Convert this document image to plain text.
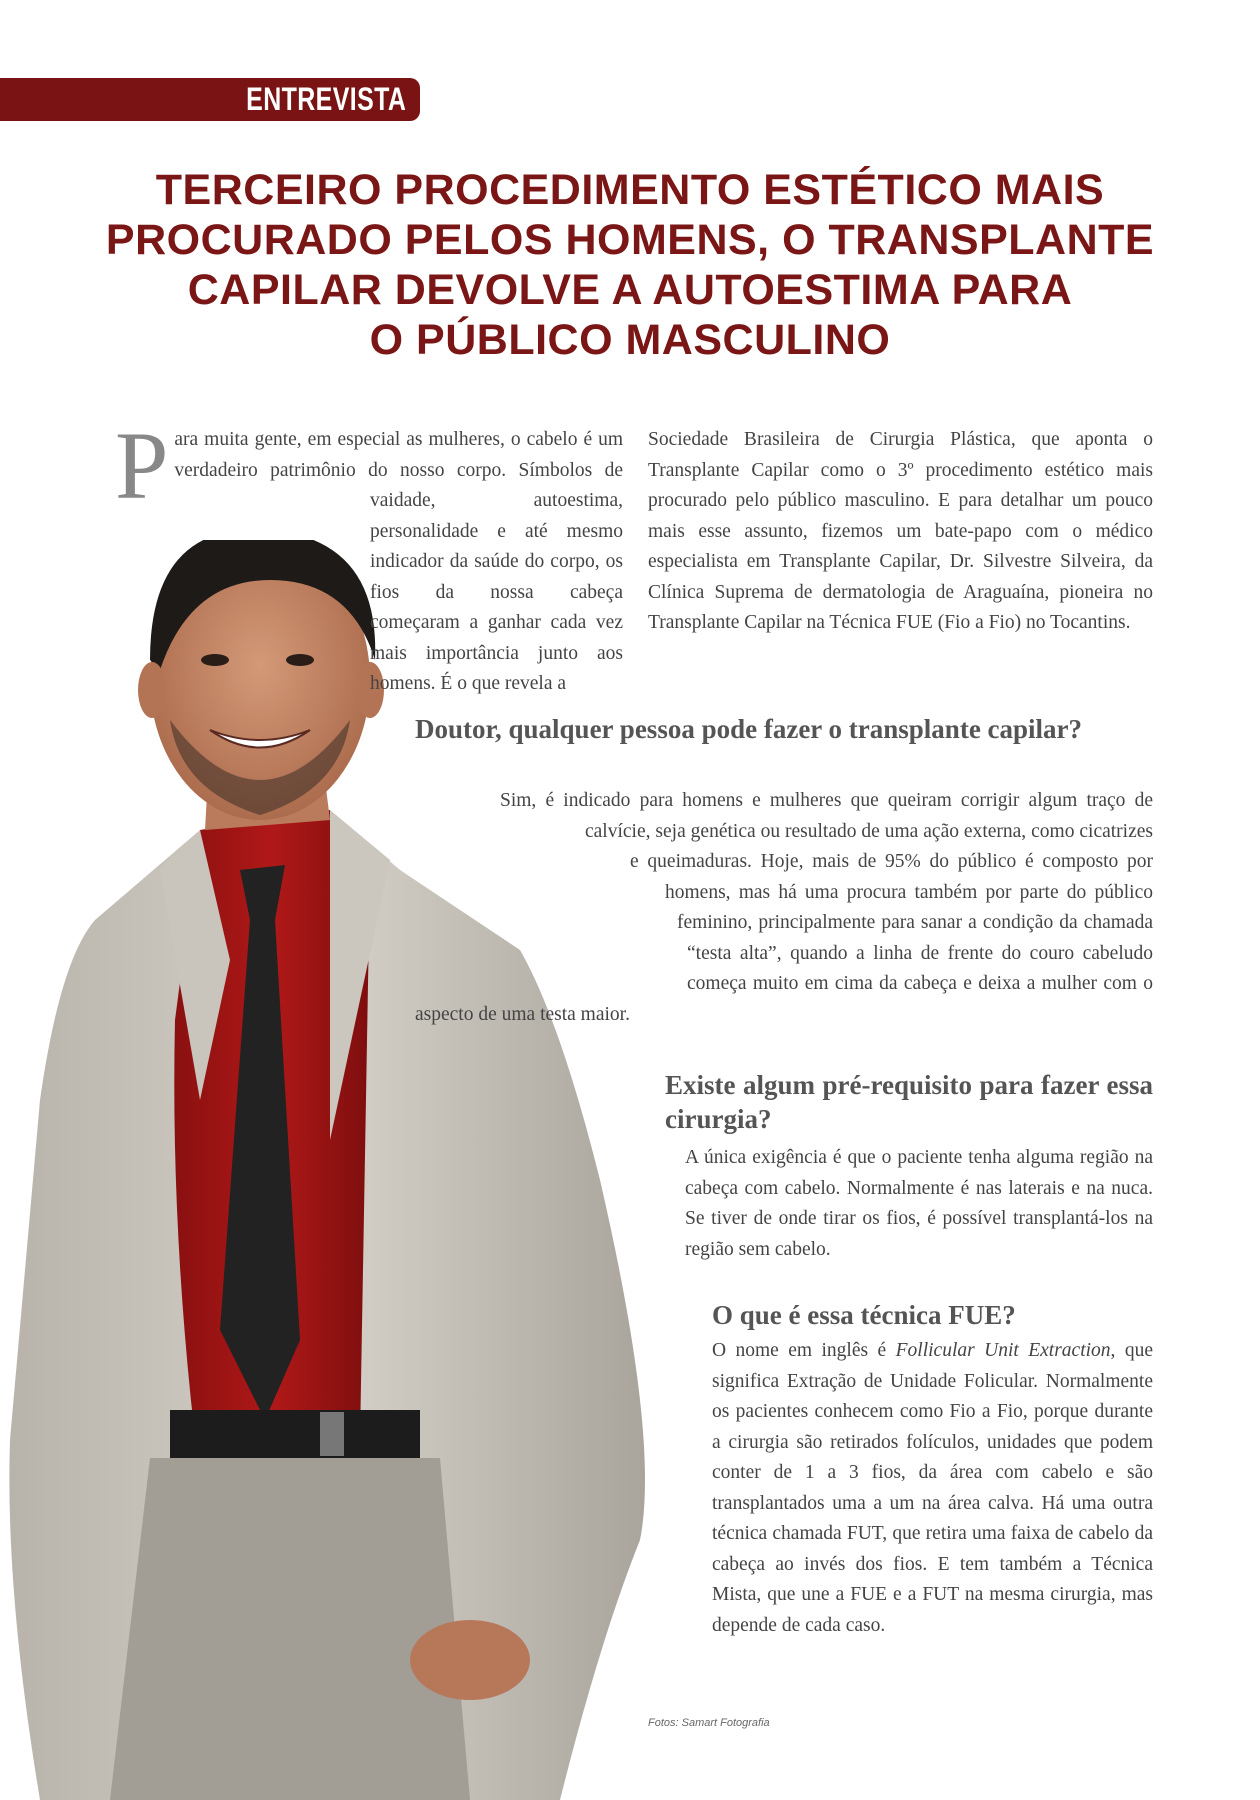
ENTREVISTA
TERCEIRO PROCEDIMENTO ESTÉTICO MAIS
PROCURADO PELOS HOMENS, O TRANSPLANTE
CAPILAR DEVOLVE A AUTOESTIMA PARA
O PÚBLICO MASCULINO

Para muita gente, em especial as mulheres, o cabelo é um verdadeiro patrimônio do nosso corpo. Símbolos de vaidade, autoestima, personalidade e até mesmo indicador da saúde do corpo, os fios da nossa cabeça começaram a ganhar cada vez mais importância junto aos homens. É o que revela a

Sociedade Brasileira de Cirurgia Plástica, que aponta o Transplante Capilar como o 3º procedimento estético mais procurado pelo público masculino. E para detalhar um pouco mais esse assunto, fizemos um bate-papo com o médico especialista em Transplante Capilar, Dr. Silvestre Silveira, da Clínica Suprema de dermatologia de Araguaína, pioneira no Transplante Capilar na Técnica FUE (Fio a Fio) no Tocantins.

Doutor, qualquer pessoa pode fazer o transplante capilar?

Sim, é indicado para homens e mulheres que queiram corrigir algum traço de calvície, seja genética ou resultado de uma ação externa, como cicatrizes e queimaduras. Hoje, mais de 95% do público é composto por homens, mas há uma procura também por parte do público feminino, principalmente para sanar a condição da chamada “testa alta”, quando a linha de frente do couro cabeludo começa muito em cima da cabeça e deixa a mulher com o aspecto de uma testa maior.

Existe algum pré-requisito para fazer essa cirurgia?

A única exigência é que o paciente tenha alguma região na cabeça com cabelo. Normalmente é nas laterais e na nuca. Se tiver de onde tirar os fios, é possível transplantá-los na região sem cabelo.

O que é essa técnica FUE?

O nome em inglês é Follicular Unit Extraction, que significa Extração de Unidade Folicular. Normalmente os pacientes conhecem como Fio a Fio, porque durante a cirurgia são retirados folículos, unidades que podem conter de 1 a 3 fios, da área com cabelo e são transplantados uma a um na área calva. Há uma outra técnica chamada FUT, que retira uma faixa de cabelo da cabeça ao invés dos fios. E tem também a Técnica Mista, que une a FUE e a FUT na mesma cirurgia, mas depende de cada caso.

Fotos: Samart Fotografia
